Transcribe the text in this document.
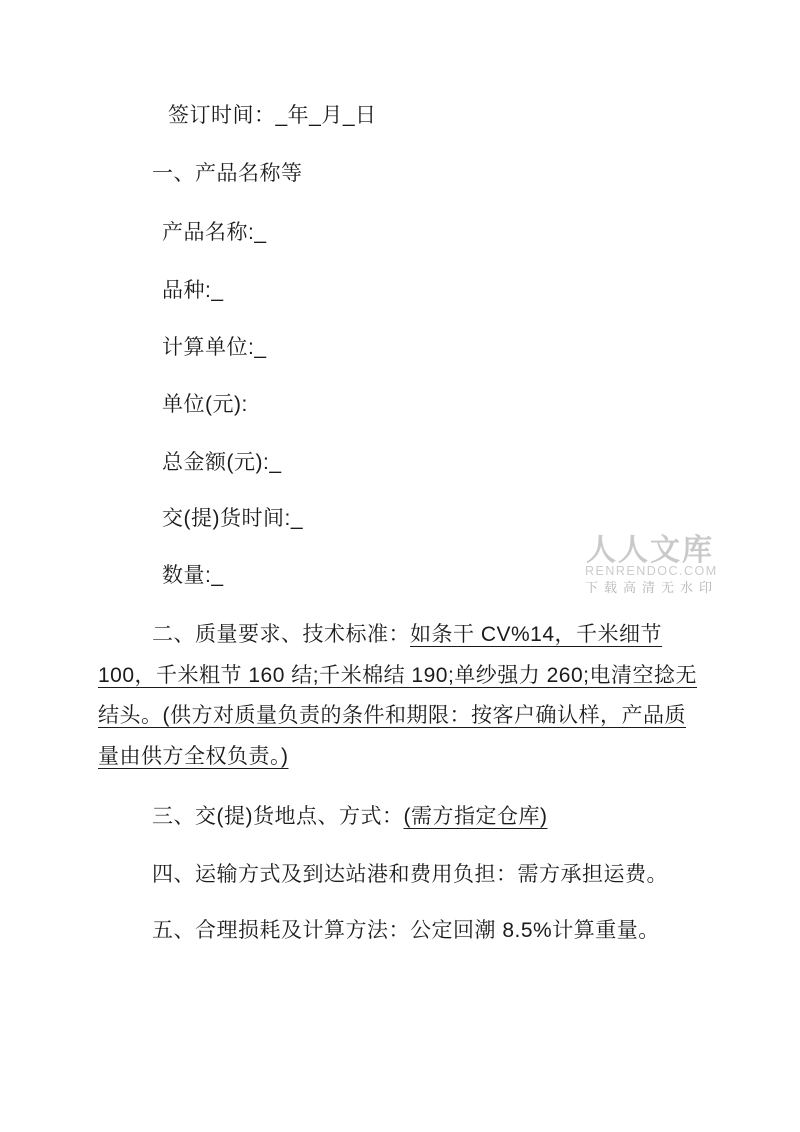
人人文库
RENRENDOC.COM
下载高清无水印
签订时间：_年_月_日
一、产品名称等
产品名称:_
品种:_
计算单位:_
单位(元):
总金额(元):_
交(提)货时间:_
数量:_
二、质量要求、技术标准：如条干 CV%14，千米细节
100，千米粗节 160 结;千米棉结 190;单纱强力 260;电清空捻无
结头。(供方对质量负责的条件和期限：按客户确认样，产品质
量由供方全权负责。)
三、交(提)货地点、方式：(需方指定仓库)
四、运输方式及到达站港和费用负担：需方承担运费。
五、合理损耗及计算方法：公定回潮 8.5%计算重量。
